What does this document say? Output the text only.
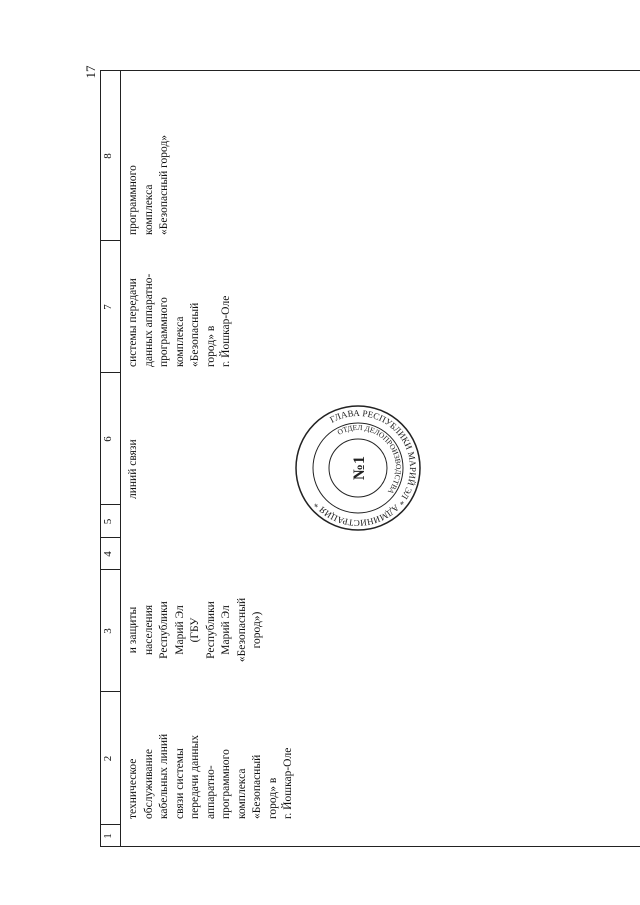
17
1
2
3
4
5
6
7
8
техническое
обслуживание
кабельных линий
связи системы
передачи данных
аппаратно-
программного
комплекса
«Безопасный
город» в
г. Йошкар-Оле
и защиты
населения
Республики
Марий Эл
(ГБУ
Республики
Марий Эл
«Безопасный
город»)
линий связи
системы передачи
данных аппаратно-
программного
комплекса
«Безопасный
город» в
г. Йошкар-Оле
программного
комплекса
«Безопасный город»
ГЛАВА РЕСПУБЛИКИ МАРИЙ ЭЛ * АДМИНИСТРАЦИЯ *
ОТДЕЛ ДЕЛОПРОИЗВОДСТВА
№1
